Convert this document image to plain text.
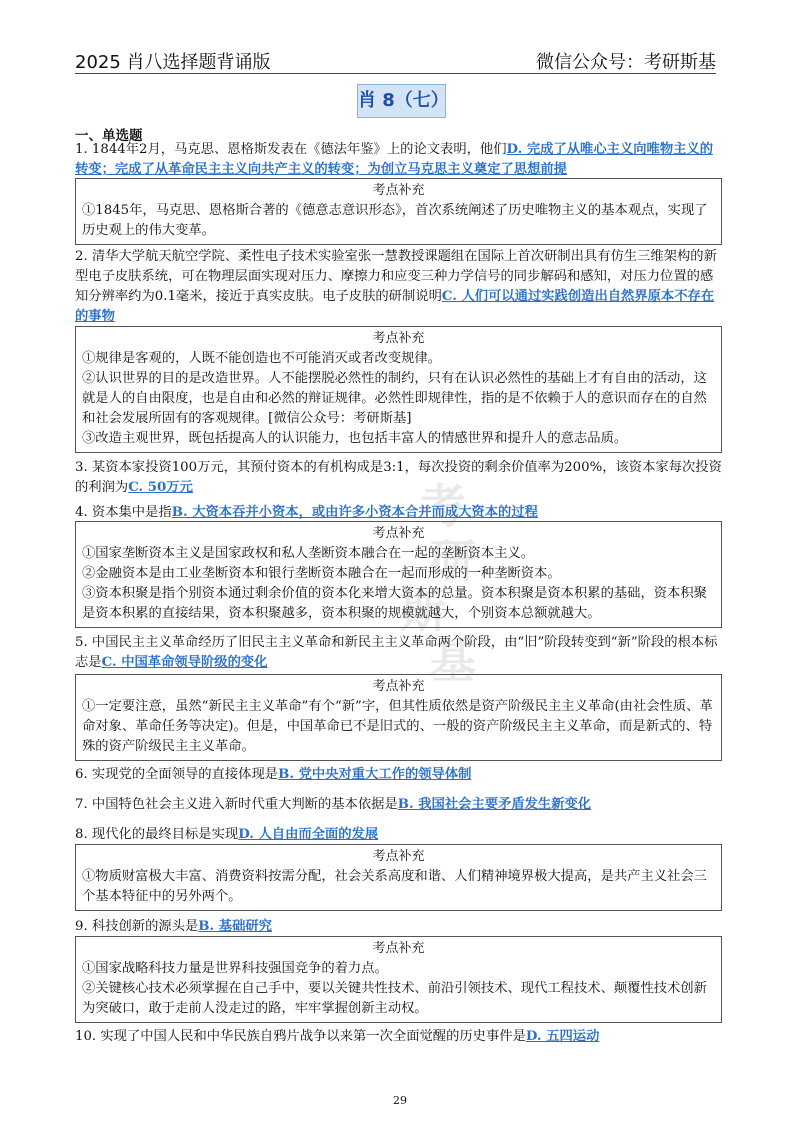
2025 肖八选择题背诵版	微信公众号：考研斯基
考
研
斯
基
肖 8（七）
一、单选题
1. 1844年2月，马克思、恩格斯发表在《德法年鉴》上的论文表明，他们D. 完成了从唯心主义向唯物主义的转变；完成了从革命民主主义向共产主义的转变；为创立马克思主义奠定了思想前提
考点补充
①1845年，马克思、恩格斯合著的《德意志意识形态》，首次系统阐述了历史唯物主义的基本观点，实现了历史观上的伟大变革。
2. 清华大学航天航空学院、柔性电子技术实验室张一慧教授课题组在国际上首次研制出具有仿生三维架构的新型电子皮肤系统，可在物理层面实现对压力、摩擦力和应变三种力学信号的同步解码和感知，对压力位置的感知分辨率约为0.1毫米，接近于真实皮肤。电子皮肤的研制说明C. 人们可以通过实践创造出自然界原本不存在的事物
考点补充
①规律是客观的，人既不能创造也不可能消灭或者改变规律。
②认识世界的目的是改造世界。人不能摆脱必然性的制约，只有在认识必然性的基础上才有自由的活动，这就是人的自由限度，也是自由和必然的辩证规律。必然性即规律性，指的是不依赖于人的意识而存在的自然和社会发展所固有的客观规律。[微信公众号：考研斯基]
③改造主观世界，既包括提高人的认识能力，也包括丰富人的情感世界和提升人的意志品质。
3. 某资本家投资100万元，其预付资本的有机构成是3:1，每次投资的剩余价值率为200%，该资本家每次投资的利润为C. 50万元
4. 资本集中是指B. 大资本吞并小资本，或由许多小资本合并而成大资本的过程
考点补充
①国家垄断资本主义是国家政权和私人垄断资本融合在一起的垄断资本主义。
②金融资本是由工业垄断资本和银行垄断资本融合在一起而形成的一种垄断资本。
③资本积聚是指个别资本通过剩余价值的资本化来增大资本的总量。资本积聚是资本积累的基础，资本积聚是资本积累的直接结果，资本积聚越多，资本积聚的规模就越大，个别资本总额就越大。
5. 中国民主主义革命经历了旧民主主义革命和新民主主义革命两个阶段，由“旧”阶段转变到“新”阶段的根本标志是C. 中国革命领导阶级的变化
考点补充
①一定要注意，虽然“新民主主义革命”有个“新”字，但其性质依然是资产阶级民主主义革命(由社会性质、革命对象、革命任务等决定)。但是，中国革命已不是旧式的、一般的资产阶级民主主义革命，而是新式的、特殊的资产阶级民主主义革命。
6. 实现党的全面领导的直接体现是B. 党中央对重大工作的领导体制
7. 中国特色社会主义进入新时代重大判断的基本依据是B. 我国社会主要矛盾发生新变化
8. 现代化的最终目标是实现D. 人自由而全面的发展
考点补充
①物质财富极大丰富、消费资料按需分配，社会关系高度和谐、人们精神境界极大提高，是共产主义社会三个基本特征中的另外两个。
9. 科技创新的源头是B. 基础研究
考点补充
①国家战略科技力量是世界科技强国竞争的着力点。
②关键核心技术必须掌握在自己手中，要以关键共性技术、前沿引领技术、现代工程技术、颠覆性技术创新为突破口，敢于走前人没走过的路，牢牢掌握创新主动权。
10. 实现了中国人民和中华民族自鸦片战争以来第一次全面觉醒的历史事件是D. 五四运动
29
